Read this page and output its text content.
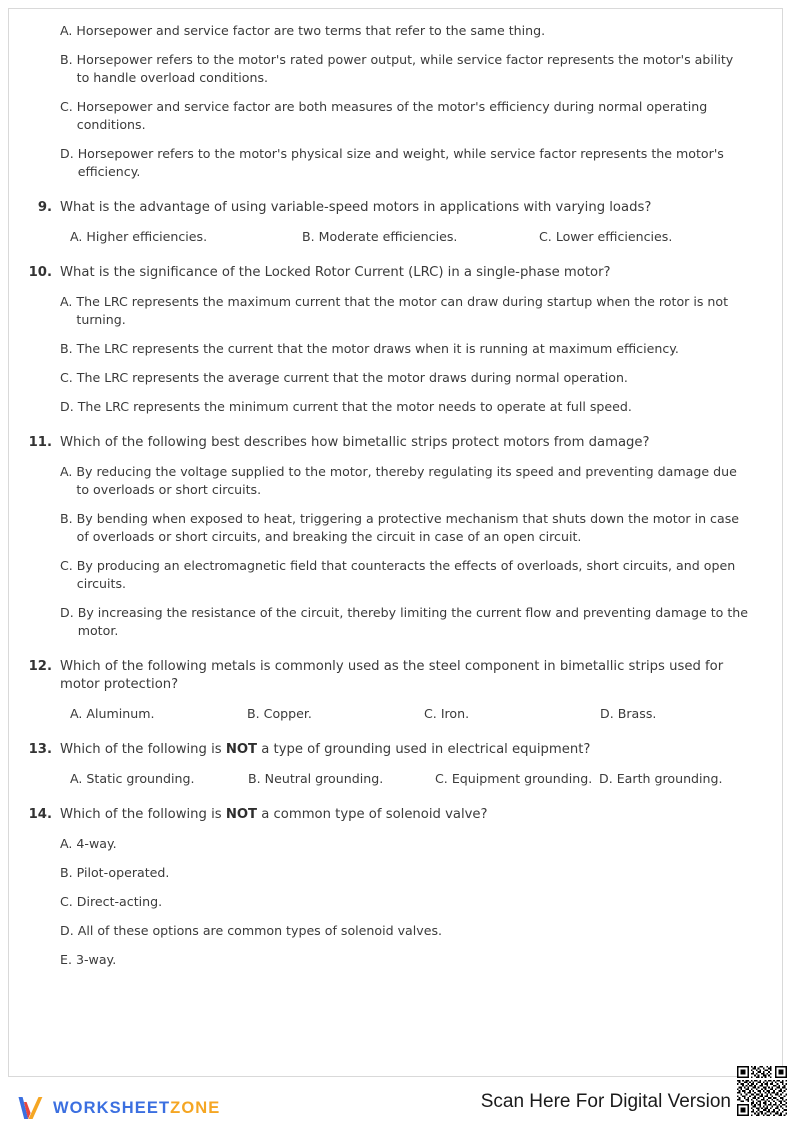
A. Horsepower and service factor are two terms that refer to the same thing.
B. Horsepower refers to the motor's rated power output, while service factor represents the motor's ability to handle overload conditions.
C. Horsepower and service factor are both measures of the motor's efficiency during normal operating conditions.
D. Horsepower refers to the motor's physical size and weight, while service factor represents the motor's efficiency.
9. What is the advantage of using variable-speed motors in applications with varying loads?
A. Higher efficiencies.	B. Moderate efficiencies.	C. Lower efficiencies.
10. What is the significance of the Locked Rotor Current (LRC) in a single-phase motor?
A. The LRC represents the maximum current that the motor can draw during startup when the rotor is not turning.
B. The LRC represents the current that the motor draws when it is running at maximum efficiency.
C. The LRC represents the average current that the motor draws during normal operation.
D. The LRC represents the minimum current that the motor needs to operate at full speed.
11. Which of the following best describes how bimetallic strips protect motors from damage?
A. By reducing the voltage supplied to the motor, thereby regulating its speed and preventing damage due to overloads or short circuits.
B. By bending when exposed to heat, triggering a protective mechanism that shuts down the motor in case of overloads or short circuits, and breaking the circuit in case of an open circuit.
C. By producing an electromagnetic field that counteracts the effects of overloads, short circuits, and open circuits.
D. By increasing the resistance of the circuit, thereby limiting the current flow and preventing damage to the motor.
12. Which of the following metals is commonly used as the steel component in bimetallic strips used for motor protection?
A. Aluminum.	B. Copper.	C. Iron.	D. Brass.
13. Which of the following is NOT a type of grounding used in electrical equipment?
A. Static grounding.	B. Neutral grounding.	C. Equipment grounding. D. Earth grounding.
14. Which of the following is NOT a common type of solenoid valve?
A. 4-way.
B. Pilot-operated.
C. Direct-acting.
D. All of these options are common types of solenoid valves.
E. 3-way.
WORKSHEETZONE	Scan Here For Digital Version
